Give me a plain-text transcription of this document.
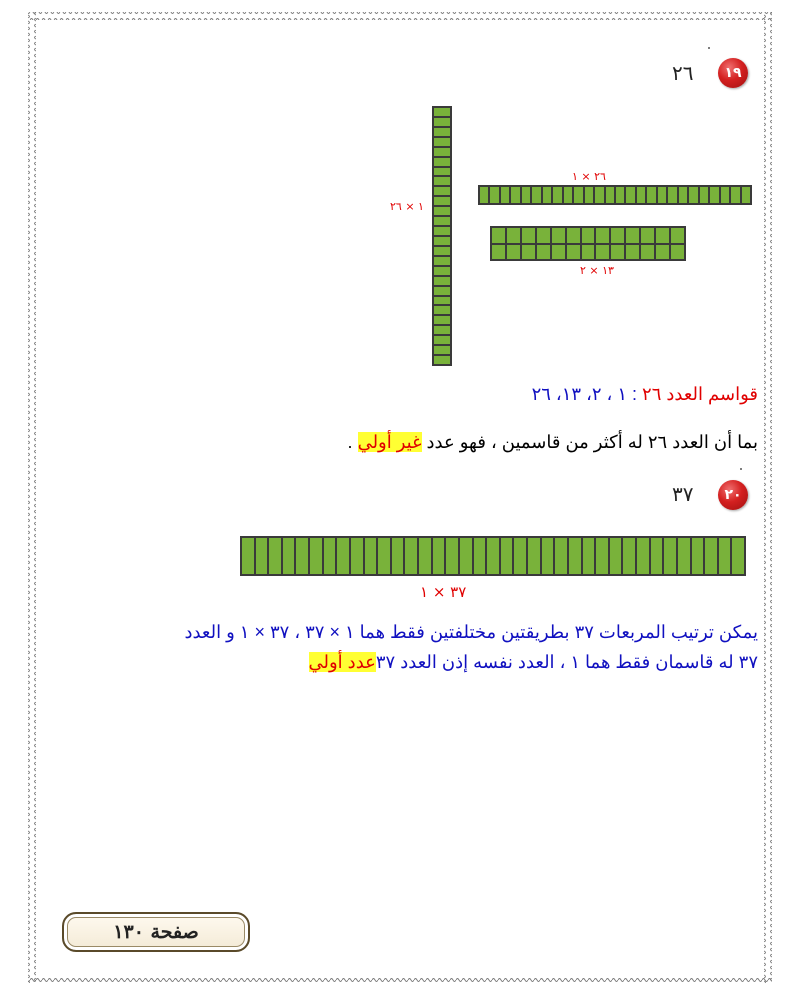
١٩
٢٦
١ × ٢٦
٢٦ × ١
١٣ × ٢
قواسم العدد ٢٦ : ١ ، ٢، ١٣، ٢٦
بما أن العدد ٢٦ له أكثر من قاسمين ، فهو عدد غير أولي .
٢٠
٣٧
٣٧ × ١
يمكن ترتيب المربعات ٣٧ بطريقتين مختلفتين فقط هما ١ × ٣٧ ، ٣٧ × ١ و العدد
٣٧ له قاسمان فقط هما ١ ، العدد نفسه إذن العدد ٣٧عدد أولي
صفحة ١٣٠
